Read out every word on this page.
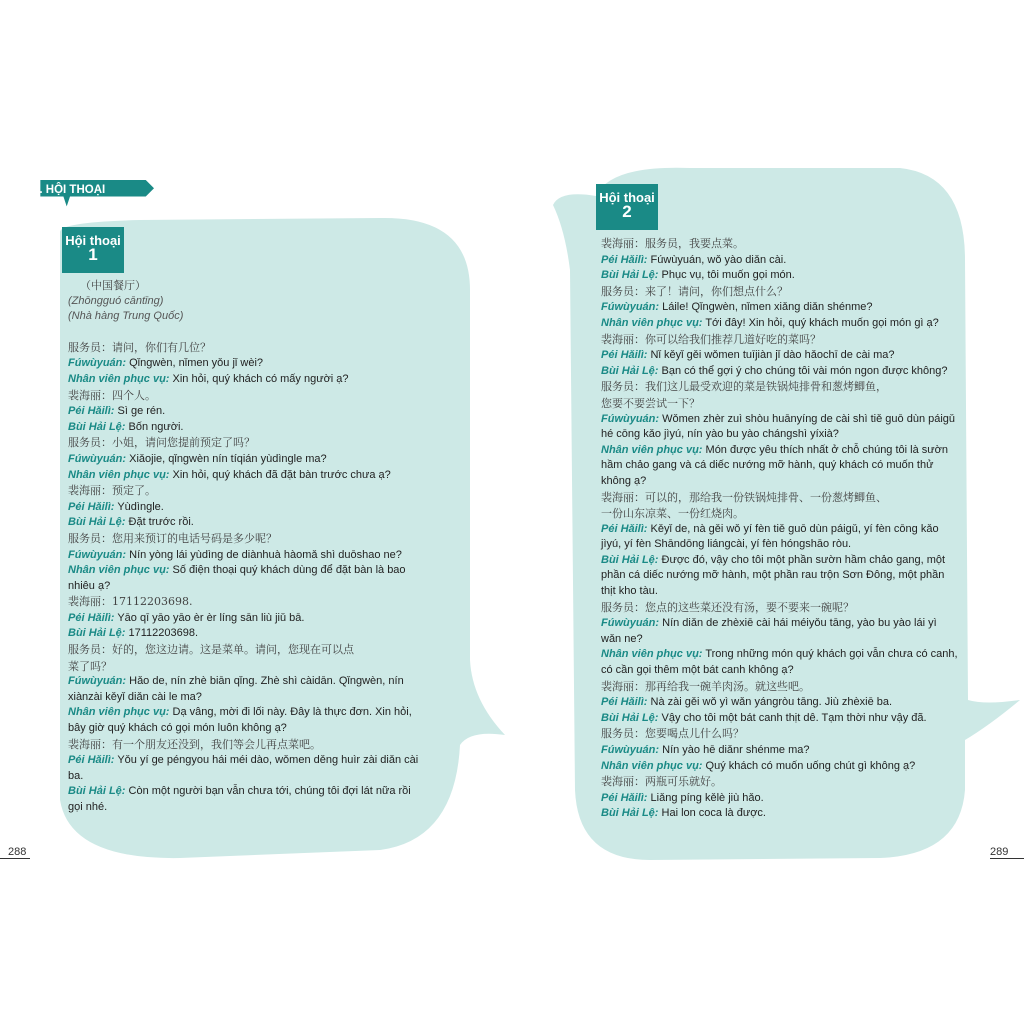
II. HỘI THOẠI
Hội thoại
1
Hội thoại
2
（中国餐厅）
(Zhōngguó cāntīng)
(Nhà hàng Trung Quốc)
服务员：请问，你们有几位？
Fúwùyuán: Qǐngwèn, nǐmen yǒu jǐ wèi?
Nhân viên phục vụ: Xin hỏi, quý khách có mấy người ạ?
裴海丽：四个人。
Péi Hǎilì: Sì ge rén.
Bùi Hải Lệ: Bốn người.
服务员：小姐，请问您提前预定了吗？
Fúwùyuán: Xiǎojie, qǐngwèn nín tíqián yùdìngle ma?
Nhân viên phục vụ: Xin hỏi, quý khách đã đặt bàn trước chưa ạ?
裴海丽：预定了。
Péi Hǎilì: Yùdìngle.
Bùi Hải Lệ: Đặt trước rồi.
服务员：您用来预订的电话号码是多少呢？
Fúwùyuán: Nín yòng lái yùdìng de diànhuà hàomǎ shì duōshao ne?
Nhân viên phục vụ: Số điện thoại quý khách dùng để đặt bàn là bao
nhiêu ạ?
裴海丽：17112203698.
Péi Hǎilì: Yāo qī yāo yāo èr èr líng sān liù jiǔ bā.
Bùi Hải Lệ: 17112203698.
服务员：好的，您这边请。这是菜单。请问，您现在可以点
菜了吗？
Fúwùyuán: Hǎo de, nín zhè biān qǐng. Zhè shì càidān. Qǐngwèn, nín
xiànzài kěyǐ diǎn cài le ma?
Nhân viên phục vụ: Dạ vâng, mời đi lối này. Đây là thực đơn. Xin hỏi,
bây giờ quý khách có gọi món luôn không ạ?
裴海丽：有一个朋友还没到，我们等会儿再点菜吧。
Péi Hǎilì: Yǒu yí ge péngyou hái méi dào, wǒmen děng huìr zài diǎn cài
ba.
Bùi Hải Lệ: Còn một người bạn vẫn chưa tới, chúng tôi đợi lát nữa rồi
gọi nhé.
裴海丽：服务员，我要点菜。
Péi Hǎilì: Fúwùyuán, wǒ yào diǎn cài.
Bùi Hải Lệ: Phục vụ, tôi muốn gọi món.
服务员：来了！请问，你们想点什么？
Fúwùyuán: Láile! Qǐngwèn, nǐmen xiǎng diǎn shénme?
Nhân viên phục vụ: Tới đây! Xin hỏi, quý khách muốn gọi món gì ạ?
裴海丽：你可以给我们推荐几道好吃的菜吗？
Péi Hǎilì: Nǐ kěyǐ gěi wǒmen tuījiàn jǐ dào hǎochī de cài ma?
Bùi Hải Lệ: Bạn có thể gợi ý cho chúng tôi vài món ngon được không?
服务员：我们这儿最受欢迎的菜是铁锅炖排骨和葱烤鲫鱼，
您要不要尝试一下？
Fúwùyuán: Wǒmen zhèr zuì shòu huānyíng de cài shì tiě guō dùn páigǔ
hé cōng kǎo jìyú, nín yào bu yào chángshì yíxià?
Nhân viên phục vụ: Món được yêu thích nhất ở chỗ chúng tôi là sườn
hầm chảo gang và cá diếc nướng mỡ hành, quý khách có muốn thử
không ạ?
裴海丽：可以的，那给我一份铁锅炖排骨、一份葱烤鲫鱼、
一份山东凉菜、一份红烧肉。
Péi Hǎilì: Kěyǐ de, nà gěi wǒ yí fèn tiě guō dùn páigǔ, yí fèn cōng kǎo
jìyú, yí fèn Shāndōng liángcài, yí fèn hóngshāo ròu.
Bùi Hải Lệ: Được đó, vậy cho tôi một phần sườn hầm chảo gang, một
phần cá diếc nướng mỡ hành, một phần rau trộn Sơn Đông, một phần
thịt kho tàu.
服务员：您点的这些菜还没有汤，要不要来一碗呢？
Fúwùyuán: Nín diǎn de zhèxiē cài hái méiyǒu tāng, yào bu yào lái yì
wǎn ne?
Nhân viên phục vụ: Trong những món quý khách gọi vẫn chưa có canh,
có cần gọi thêm một bát canh không ạ?
裴海丽：那再给我一碗羊肉汤。就这些吧。
Péi Hǎilì: Nà zài gěi wǒ yì wǎn yángròu tāng. Jiù zhèxiē ba.
Bùi Hải Lệ: Vậy cho tôi một bát canh thịt dê. Tạm thời như vậy đã.
服务员：您要喝点儿什么吗？
Fúwùyuán: Nín yào hē diǎnr shénme ma?
Nhân viên phục vụ: Quý khách có muốn uống chút gì không ạ?
裴海丽：两瓶可乐就好。
Péi Hǎilì: Liǎng píng kělè jiù hǎo.
Bùi Hải Lệ: Hai lon coca là được.
288	289
